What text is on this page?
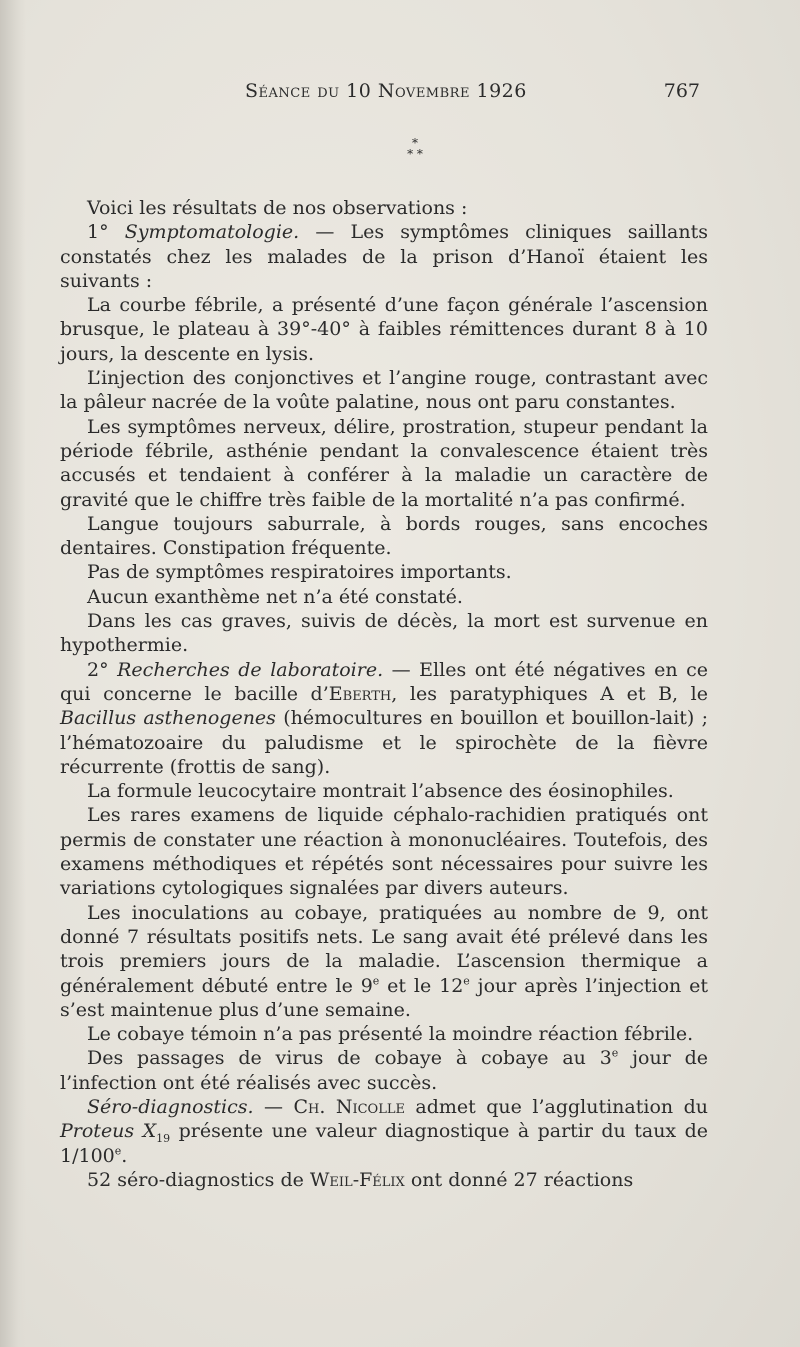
Séance du 10 Novembre 1926	767
*
* *

Voici les résultats de nos observations :

1° Symptomatologie. — Les symptômes cliniques saillants constatés chez les malades de la prison d’Hanoï étaient les suivants :

La courbe fébrile, a présenté d’une façon générale l’ascension brusque, le plateau à 39°-40° à faibles rémittences durant 8 à 10 jours, la descente en lysis.

L’injection des conjonctives et l’angine rouge, contrastant avec la pâleur nacrée de la voûte palatine, nous ont paru constantes.

Les symptômes nerveux, délire, prostration, stupeur pendant la période fébrile, asthénie pendant la convalescence étaient très accusés et tendaient à conférer à la maladie un caractère de gravité que le chiffre très faible de la mortalité n’a pas confirmé.

Langue toujours saburrale, à bords rouges, sans encoches dentaires. Constipation fréquente.

Pas de symptômes respiratoires importants.

Aucun exanthème net n’a été constaté.

Dans les cas graves, suivis de décès, la mort est survenue en hypothermie.

2° Recherches de laboratoire. — Elles ont été négatives en ce qui concerne le bacille d’Eberth, les paratyphiques A et B, le Bacillus asthenogenes (hémocultures en bouillon et bouillon-lait) ; l’hématozoaire du paludisme et le spirochète de la fièvre récurrente (frottis de sang).

La formule leucocytaire montrait l’absence des éosinophiles.

Les rares examens de liquide céphalo-rachidien pratiqués ont permis de constater une réaction à mononucléaires. Toutefois, des examens méthodiques et répétés sont nécessaires pour suivre les variations cytologiques signalées par divers auteurs.

Les inoculations au cobaye, pratiquées au nombre de 9, ont donné 7 résultats positifs nets. Le sang avait été prélevé dans les trois premiers jours de la maladie. L’ascension thermique a généralement débuté entre le 9e et le 12e jour après l’injection et s’est maintenue plus d’une semaine.

Le cobaye témoin n’a pas présenté la moindre réaction fébrile.

Des passages de virus de cobaye à cobaye au 3e jour de l’infection ont été réalisés avec succès.

Séro-diagnostics. — Ch. Nicolle admet que l’agglutination du Proteus $X_{19}$ présente une valeur diagnostique à partir du taux de 1/100e.

52 séro-diagnostics de Weil-Félix ont donné 27 réactions
